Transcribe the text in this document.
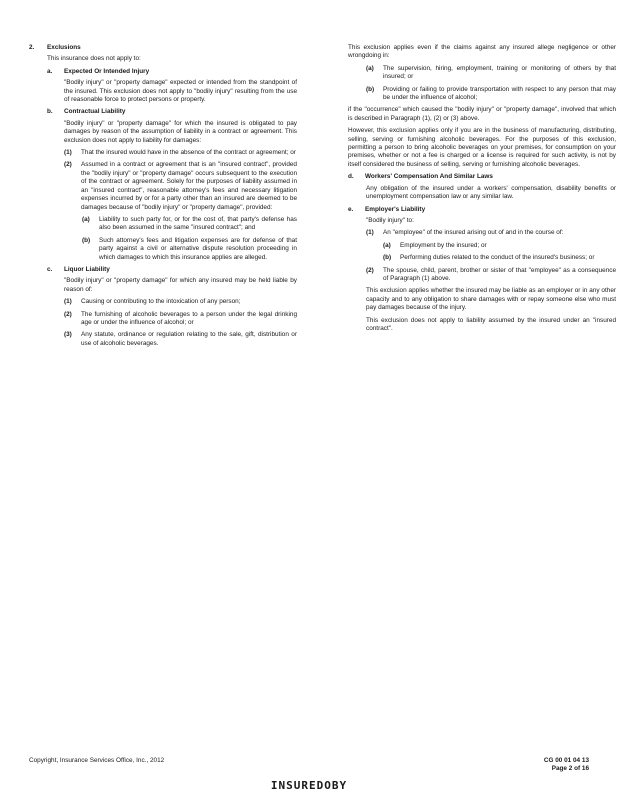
2. Exclusions

This insurance does not apply to:

a. Expected Or Intended Injury

"Bodily injury" or "property damage" expected or intended from the standpoint of the insured. This exclusion does not apply to "bodily injury" resulting from the use of reasonable force to protect persons or property.

b. Contractual Liability

"Bodily injury" or "property damage" for which the insured is obligated to pay damages by reason of the assumption of liability in a contract or agreement. This exclusion does not apply to liability for damages:

(1)	That the insured would have in the absence of the contract or agreement; or
(2)	Assumed in a contract or agreement that is an "insured contract", provided the "bodily injury" or "property damage" occurs subsequent to the execution of the contract or agreement. Solely for the purposes of liability assumed in an "insured contract", reasonable attorney's fees and necessary litigation expenses incurred by or for a party other than an insured are deemed to be damages because of "bodily injury" or "property damage", provided:
(a)	Liability to such party for, or for the cost of, that party's defense has also been assumed in the same "insured contract"; and
(b)	Such attorney's fees and litigation expenses are for defense of that party against a civil or alternative dispute resolution proceeding in which damages to which this insurance applies are alleged.
c. Liquor Liability

"Bodily injury" or "property damage" for which any insured may be held liable by reason of:

(1)	Causing or contributing to the intoxication of any person;
(2)	The furnishing of alcoholic beverages to a person under the legal drinking age or under the influence of alcohol; or
(3)	Any statute, ordinance or regulation relating to the sale, gift, distribution or use of alcoholic beverages.

This exclusion applies even if the claims against any insured allege negligence or other wrongdoing in:

(a)	The supervision, hiring, employment, training or monitoring of others by that insured; or
(b)	Providing or failing to provide transportation with respect to any person that may be under the influence of alcohol;

if the "occurrence" which caused the "bodily injury" or "property damage", involved that which is described in Paragraph (1), (2) or (3) above.

However, this exclusion applies only if you are in the business of manufacturing, distributing, selling, serving or furnishing alcoholic beverages. For the purposes of this exclusion, permitting a person to bring alcoholic beverages on your premises, for consumption on your premises, whether or not a fee is charged or a license is required for such activity, is not by itself considered the business of selling, serving or furnishing alcoholic beverages.

d. Workers' Compensation And Similar Laws

Any obligation of the insured under a workers' compensation, disability benefits or unemployment compensation law or any similar law.

e. Employer's Liability

"Bodily injury" to:

(1)	An "employee" of the insured arising out of and in the course of:
(a)	Employment by the insured; or
(b)	Performing duties related to the conduct of the insured's business; or
(2)	The spouse, child, parent, brother or sister of that "employee" as a consequence of Paragraph (1) above.

This exclusion applies whether the insured may be liable as an employer or in any other capacity and to any obligation to share damages with or repay someone else who must pay damages because of the injury.

This exclusion does not apply to liability assumed by the insured under an "insured contract".

Copyright, Insurance Services Office, Inc., 2012	CG 00 01 04 13
Page 2 of 16
INSUREDOBY
